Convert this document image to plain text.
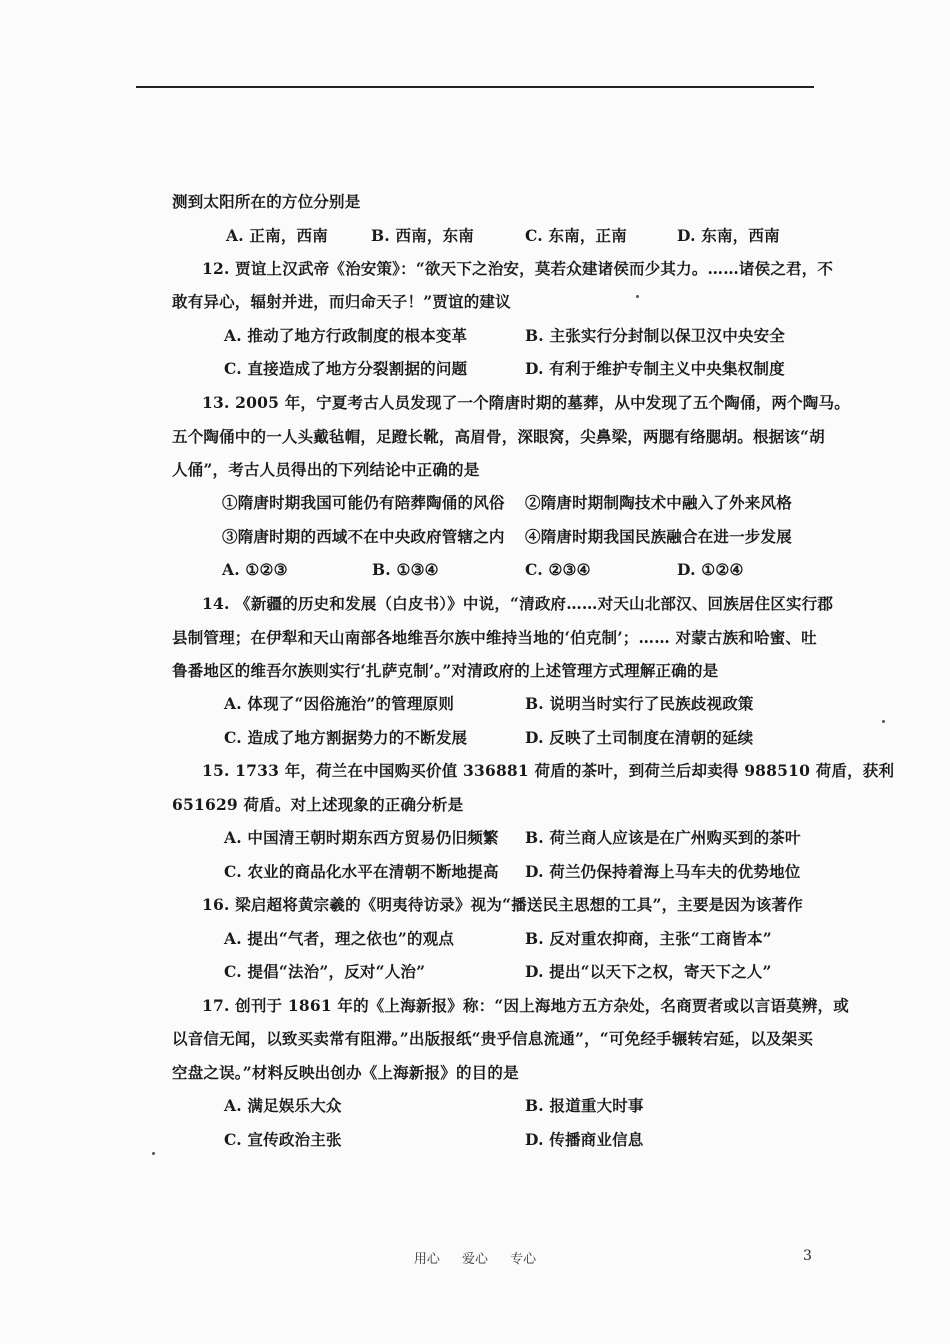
测到太阳所在的方位分别是
A. 正南，西南	B. 西南，东南	C. 东南，正南	D. 东南，西南
12. 贾谊上汉武帝《治安策》：“欲天下之治安，莫若众建诸侯而少其力。……诸侯之君，不
敢有异心，辐射并进，而归命天子！”贾谊的建议
A. 推动了地方行政制度的根本变革	B. 主张实行分封制以保卫汉中央安全
C. 直接造成了地方分裂割据的问题	D. 有利于维护专制主义中央集权制度
13. 2005 年，宁夏考古人员发现了一个隋唐时期的墓葬，从中发现了五个陶俑，两个陶马。
五个陶俑中的一人头戴毡帽，足蹬长靴，高眉骨，深眼窝，尖鼻梁，两腮有络腮胡。根据该“胡
人俑”，考古人员得出的下列结论中正确的是
①隋唐时期我国可能仍有陪葬陶俑的风俗 ②隋唐时期制陶技术中融入了外来风格
③隋唐时期的西域不在中央政府管辖之内 ④隋唐时期我国民族融合在进一步发展
A. ①②③	B. ①③④	C. ②③④	D. ①②④
14. 《新疆的历史和发展（白皮书）》中说，“清政府……对天山北部汉、回族居住区实行郡
县制管理；在伊犁和天山南部各地维吾尔族中维持当地的‘伯克制’；…… 对蒙古族和哈蜜、吐
鲁番地区的维吾尔族则实行‘扎萨克制’。”对清政府的上述管理方式理解正确的是
A. 体现了“因俗施治”的管理原则	B. 说明当时实行了民族歧视政策
C. 造成了地方割据势力的不断发展	D. 反映了土司制度在清朝的延续
15. 1733 年，荷兰在中国购买价值 336881 荷盾的茶叶，到荷兰后却卖得 988510 荷盾，获利
651629 荷盾。对上述现象的正确分析是
A. 中国清王朝时期东西方贸易仍旧频繁 B. 荷兰商人应该是在广州购买到的茶叶
C. 农业的商品化水平在清朝不断地提高 D. 荷兰仍保持着海上马车夫的优势地位
16. 梁启超将黄宗羲的《明夷待访录》视为“播送民主思想的工具”，主要是因为该著作
A. 提出“气者，理之依也”的观点	B. 反对重农抑商，主张“工商皆本”
C. 提倡“法治”，反对“人治”	D. 提出“以天下之权，寄天下之人”
17. 创刊于 1861 年的《上海新报》称：“因上海地方五方杂处，名商贾者或以言语莫辨，或
以音信无闻，以致买卖常有阻滞。”出版报纸“贵乎信息流通”，“可免经手辗转宕延，以及架买
空盘之误。”材料反映出创办《上海新报》的目的是
A. 满足娱乐大众	B. 报道重大时事
C. 宣传政治主张	D. 传播商业信息
用心 爱心 专心	3
